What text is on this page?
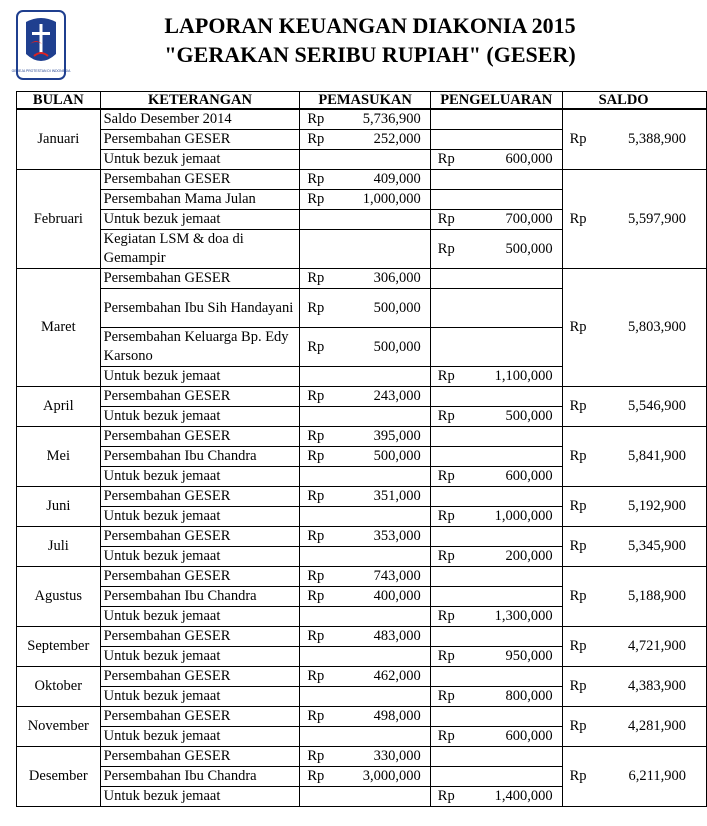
GEREJA PROTESTAN DI INDONESIA
LAPORAN KEUANGAN DIAKONIA 2015
"GERAKAN SERIBU RUPIAH" (GESER)
BULAN	KETERANGAN	PEMASUKAN		PENGELUARAN		SALDO	
Januari	Saldo Desember 2014	Rp	5,736,900			Rp	5,388,900
	Persembahan GESER	Rp	252,000				
	Untuk bezuk jemaat			Rp	600,000		
Februari	Persembahan GESER	Rp	409,000			Rp	5,597,900
	Persembahan Mama Julan	Rp	1,000,000				
	Untuk bezuk jemaat			Rp	700,000		
	Kegiatan LSM & doa di Gemampir			Rp	500,000		
Maret	Persembahan GESER	Rp	306,000			Rp	5,803,900
	Persembahan Ibu Sih Handayani	Rp	500,000				
	Persembahan Keluarga Bp. Edy Karsono	Rp	500,000				
	Untuk bezuk jemaat			Rp	1,100,000		
April	Persembahan GESER	Rp	243,000			Rp	5,546,900
	Untuk bezuk jemaat			Rp	500,000		
Mei	Persembahan GESER	Rp	395,000			Rp	5,841,900
	Persembahan Ibu Chandra	Rp	500,000				
	Untuk bezuk jemaat			Rp	600,000		
Juni	Persembahan GESER	Rp	351,000			Rp	5,192,900
	Untuk bezuk jemaat			Rp	1,000,000		
Juli	Persembahan GESER	Rp	353,000			Rp	5,345,900
	Untuk bezuk jemaat			Rp	200,000		
Agustus	Persembahan GESER	Rp	743,000			Rp	5,188,900
	Persembahan Ibu Chandra	Rp	400,000				
	Untuk bezuk jemaat			Rp	1,300,000		
September	Persembahan GESER	Rp	483,000			Rp	4,721,900
	Untuk bezuk jemaat			Rp	950,000		
Oktober	Persembahan GESER	Rp	462,000			Rp	4,383,900
	Untuk bezuk jemaat			Rp	800,000		
November	Persembahan GESER	Rp	498,000			Rp	4,281,900
	Untuk bezuk jemaat			Rp	600,000		
Desember	Persembahan GESER	Rp	330,000			Rp	6,211,900
	Persembahan Ibu Chandra	Rp	3,000,000				
	Untuk bezuk jemaat			Rp	1,400,000		
